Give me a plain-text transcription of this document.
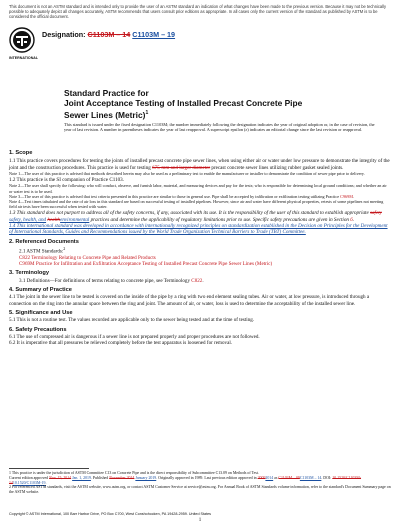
This document is not an ASTM standard and is intended only to provide the user of an ASTM standard an indication of what changes have been made to the previous version. Because it may not be technically possible to adequately depict all changes accurately, ASTM recommends that users consult prior editions as appropriate. In all cases only the current version of the standard as published by ASTM is to be considered the official document.
INTERNATIONAL
Designation: C1103M – 14 C1103M – 19
Standard Practice for
Joint Acceptance Testing of Installed Precast Concrete Pipe
Sewer Lines (Metric)$^1$
This standard is issued under the fixed designation C1103M; the number immediately following the designation indicates the year of original adoption or, in the case of revision, the year of last revision. A number in parentheses indicates the year of last reapproval. A superscript epsilon (ε) indicates an editorial change since the last revision or reapproval.

1. Scope

1.1 This practice covers procedures for testing the joints of installed precast concrete pipe sewer lines, when using either air or water under low pressure to demonstrate the integrity of the joint and the construction procedures. This practice is used for testing 675-mm and larger diameter precast concrete sewer lines utilizing rubber gasket sealed joints.

Note 1—The user of this practice is advised that methods described herein may also be used as a preliminary test to enable the manufacturer or installer to demonstrate the condition of sewer pipe prior to delivery.

1.2 This practice is the SI companion of Practice C1103.

Note 2—The user shall specify the following: who will conduct, observe, and furnish labor, material, and measuring devices and pay for the tests; who is responsible for determining local ground conditions; and whether an air or water test is to be used.

Note 3—The user of this practice is advised that test criteria presented in this practice are similar to those in general use. Pipe shall be accepted by infiltration or exfiltration testing utilizing Practice C969M.

Note 4—Test times tabulated and the rate of air loss in this standard are based on successful testing of installed pipelines. However, since air and water have different physical properties, retests of some pipelines not meeting field air tests have been successful when tested with water.

1.3 This standard does not purport to address all of the safety concerns, if any, associated with its use. It is the responsibility of the user of this standard to establish appropriate safety safety, health, and healthenvironmental practices and determine the applicability of regulatory limitations prior to use. Specific safety precautions are given in Section 6.

1.4 This international standard was developed in accordance with internationally recognized principles on standardization established in the Decision on Principles for the Development of International Standards, Guides and Recommendations issued by the World Trade Organization Technical Barriers to Trade (TBT) Committee.

2. Referenced Documents

2.1 ASTM Standards:$^2$

C822 Terminology Relating to Concrete Pipe and Related Products

C969M Practice for Infiltration and Exfiltration Acceptance Testing of Installed Precast Concrete Pipe Sewer Lines (Metric)

3. Terminology

3.1 Definitions—For definitions of terms relating to concrete pipe, see Terminology C822.

4. Summary of Practice

4.1 The joint in the sewer line to be tested is covered on the inside of the pipe by a ring with two end element sealing tubes. Air or water, at low pressure, is introduced through a connection on the ring into the annular space between the ring and joint. The amount of air, or water, loss is used to determine the acceptability of the installed sewer line.

5. Significance and Use

5.1 This is not a routine test. The values recorded are applicable only to the sewer being tested and at the time of testing.

6. Safety Precautions

6.1 The use of compressed air is dangerous if a sewer line is not prepared properly and proper procedures are not followed.

6.2 It is imperative that all pressures be relieved completely before the test apparatus is loosened for removal.

1 This practice is under the jurisdiction of ASTM Committee C13 on Concrete Pipe and is the direct responsibility of Subcommittee C13.09 on Methods of Test.

Current edition approved Nov. 15, 2014 Jan. 1, 2019. Published November 2014 January 2019. Originally approved in 1989. Last previous edition approved in 20092014 as C1103M – 09C1103M – 14. DOI: 10.1520/C1103M-1410.1520/C1103M-19.

2 For referenced ASTM standards, visit the ASTM website, www.astm.org, or contact ASTM Customer Service at service@astm.org. For Annual Book of ASTM Standards volume information, refer to the standard's Document Summary page on the ASTM website.

Copyright © ASTM International, 100 Barr Harbor Drive, PO Box C700, West Conshohocken, PA 19428-2959. United States
1
